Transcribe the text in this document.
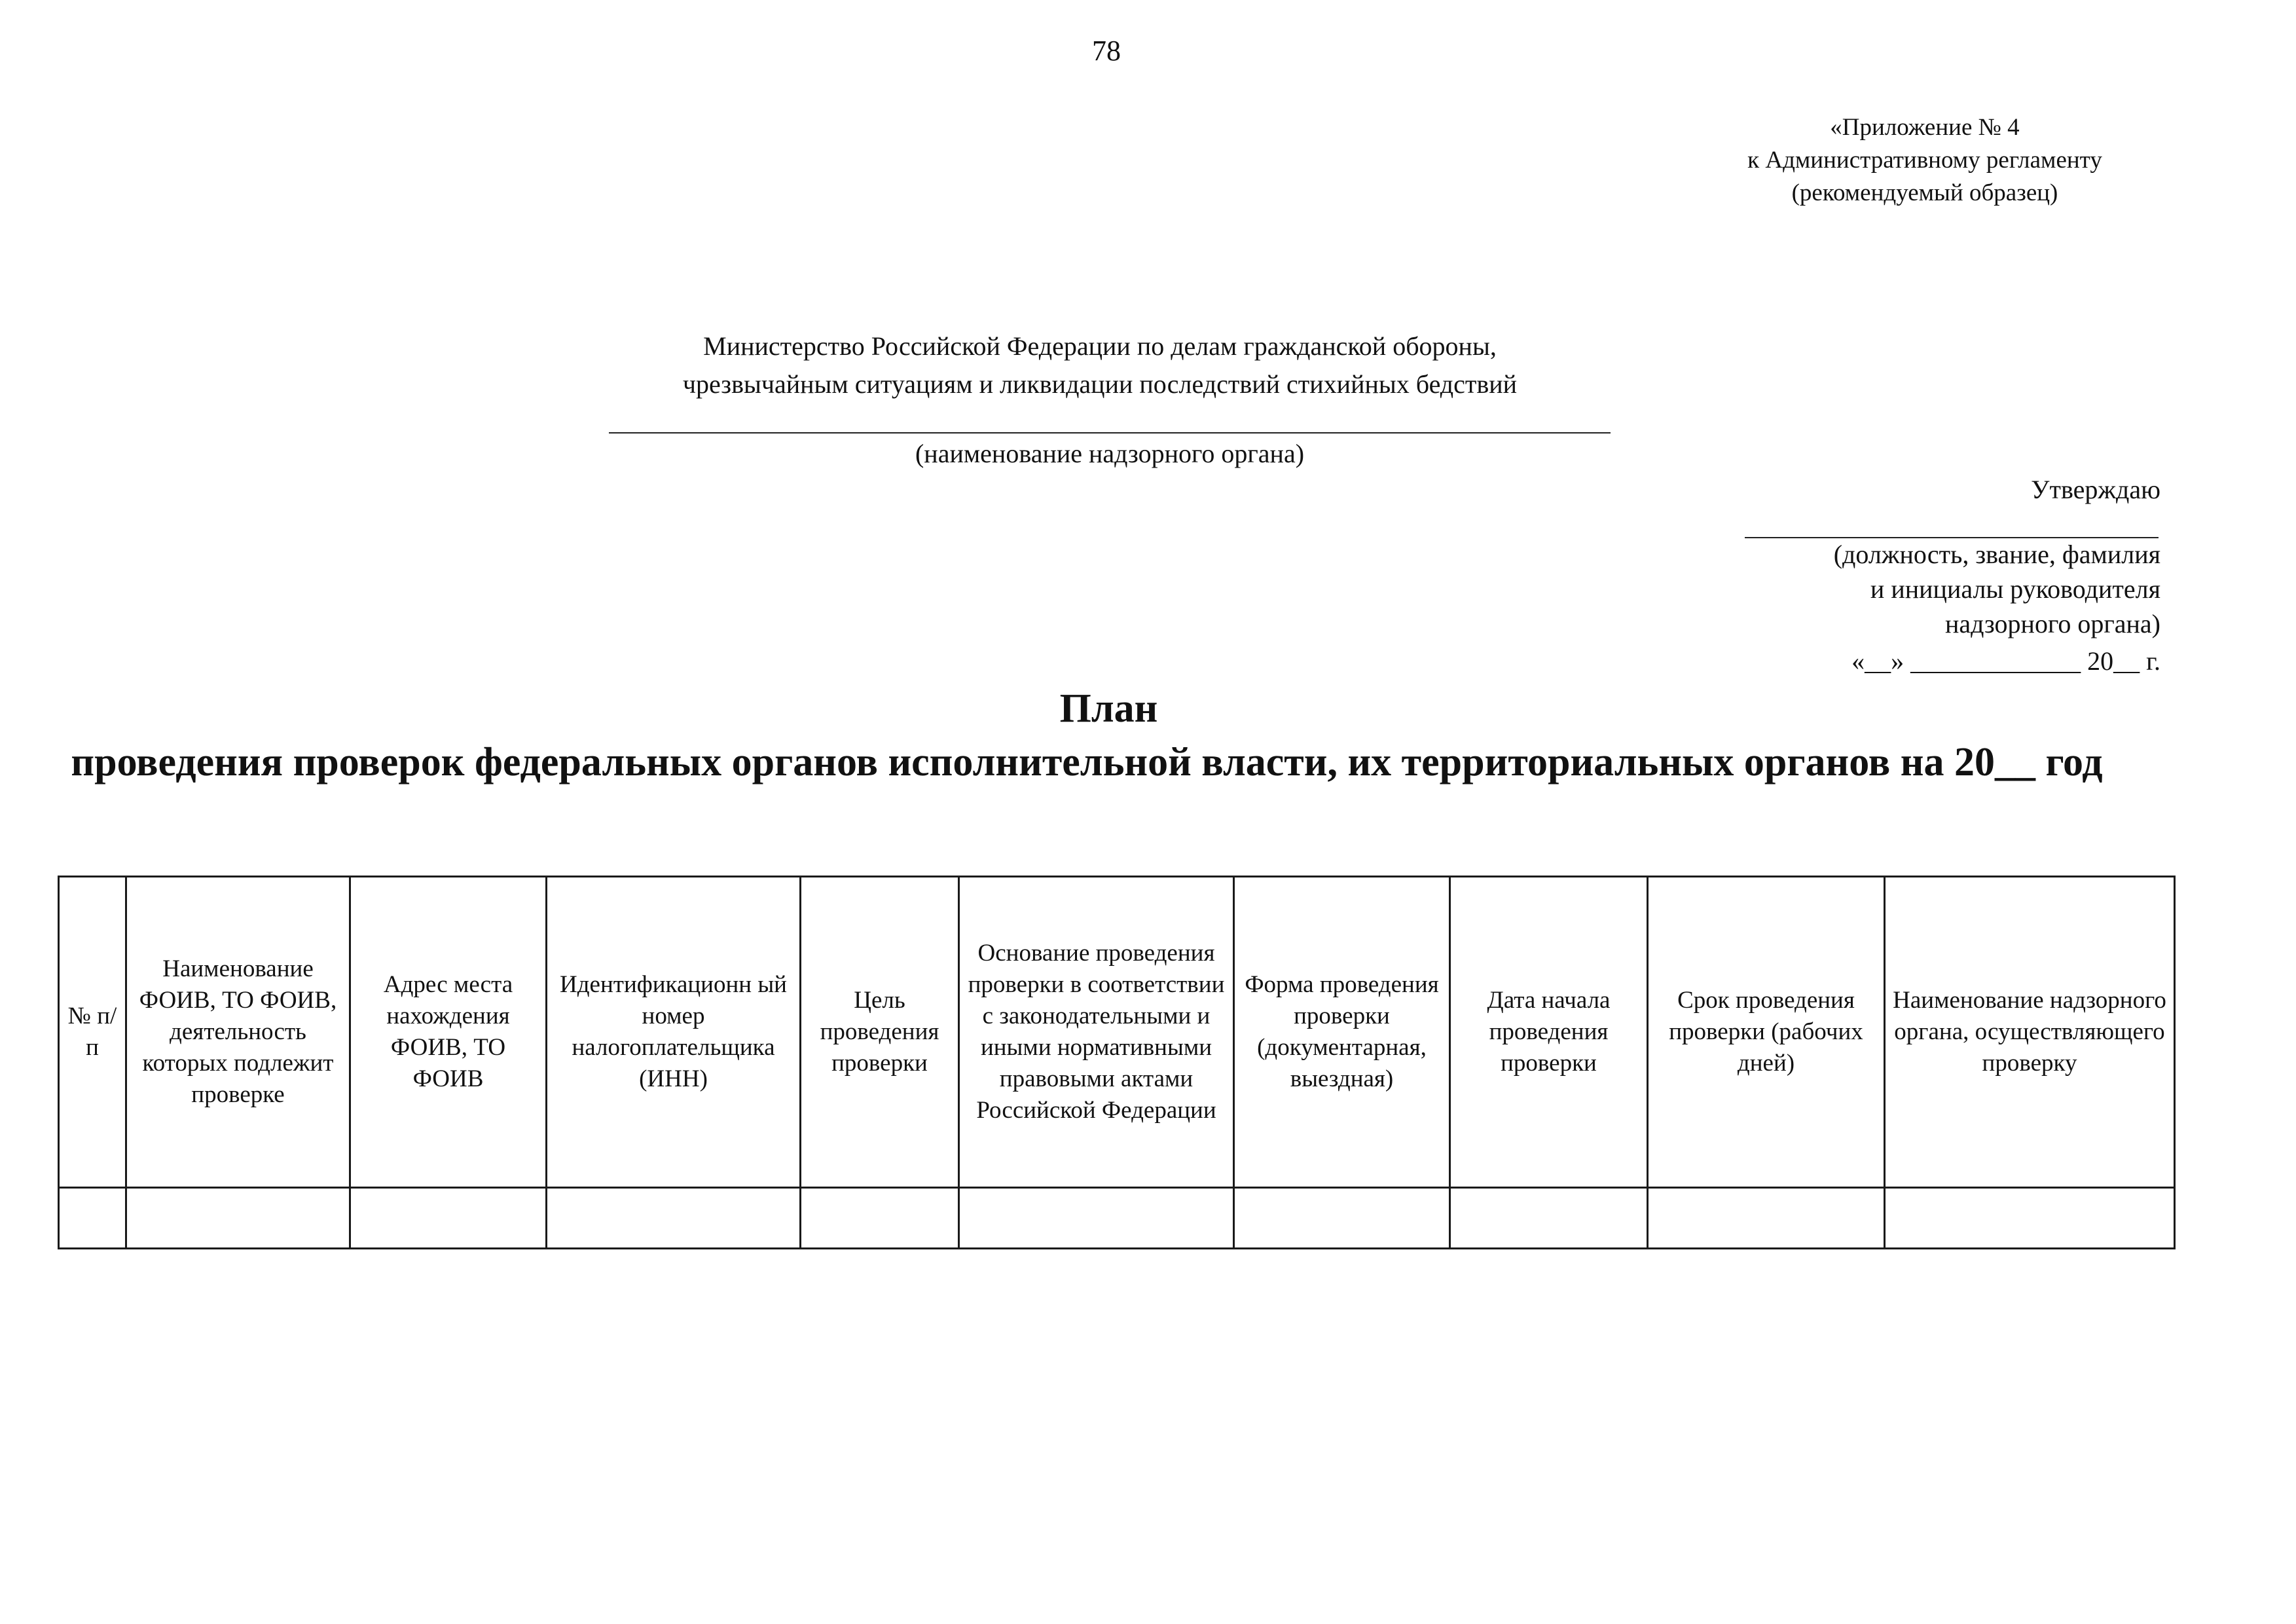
78
«Приложение № 4
к Административному регламенту
(рекомендуемый образец)
Министерство Российской Федерации по делам гражданской обороны,
чрезвычайным ситуациям и ликвидации последствий стихийных бедствий
(наименование надзорного органа)
Утверждаю
(должность, звание, фамилия
и инициалы руководителя
надзорного органа)
«__» _____________ 20__ г.
План
проведения проверок федеральных органов исполнительной власти, их территориальных органов на 20__ год
№ п/п	Наименование ФОИВ, ТО ФОИВ, деятельность которых подлежит проверке	Адрес места нахождения ФОИВ, ТО ФОИВ	Идентификационн ый номер налогоплательщика (ИНН)	Цель проведения проверки	Основание проведения проверки в соответствии с законодательными и иными нормативными правовыми актами Российской Федерации	Форма проведения проверки (документарная, выездная)	Дата начала проведения проверки	Срок проведения проверки (рабочих дней)	Наименование надзорного органа, осуществляющего проверку
